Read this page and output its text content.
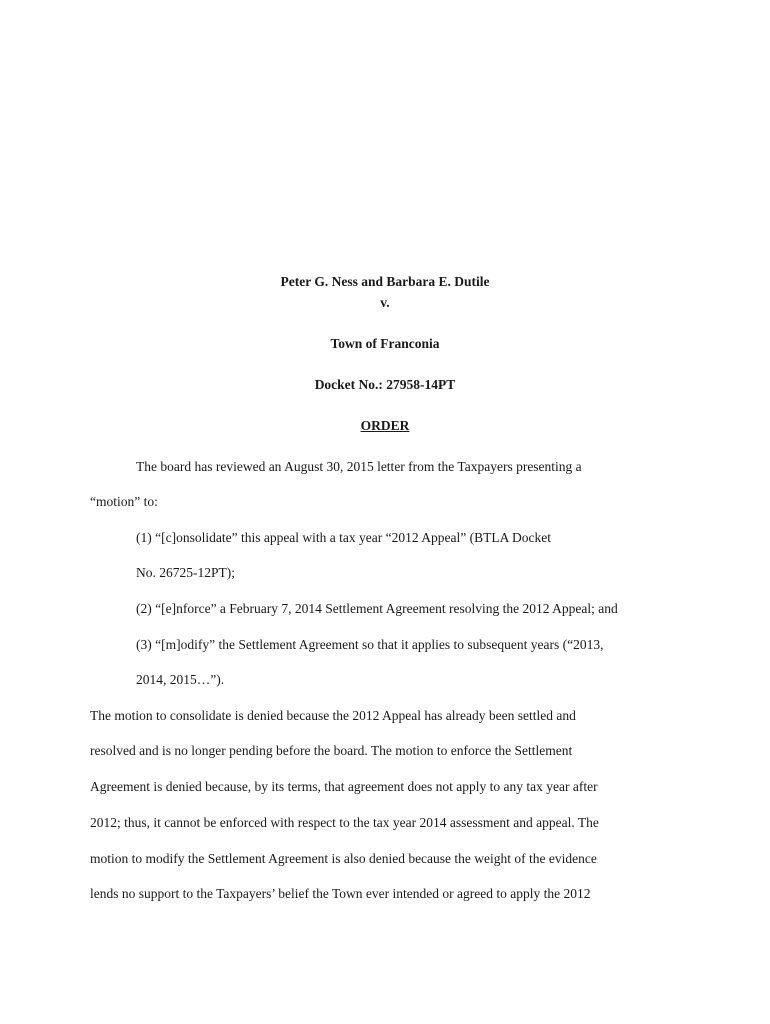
Peter G. Ness and Barbara E. Dutile
v.
Town of Franconia
Docket No.: 27958-14PT
ORDER
The board has reviewed an August 30, 2015 letter from the Taxpayers presenting a
“motion” to:
(1) “[c]onsolidate” this appeal with a tax year “2012 Appeal” (BTLA Docket
No. 26725-12PT);
(2) “[e]nforce” a February 7, 2014 Settlement Agreement resolving the 2012 Appeal; and
(3) “[m]odify” the Settlement Agreement so that it applies to subsequent years (“2013,
2014, 2015…”).
The motion to consolidate is denied because the 2012 Appeal has already been settled and
resolved and is no longer pending before the board. The motion to enforce the Settlement
Agreement is denied because, by its terms, that agreement does not apply to any tax year after
2012; thus, it cannot be enforced with respect to the tax year 2014 assessment and appeal. The
motion to modify the Settlement Agreement is also denied because the weight of the evidence
lends no support to the Taxpayers’ belief the Town ever intended or agreed to apply the 2012
